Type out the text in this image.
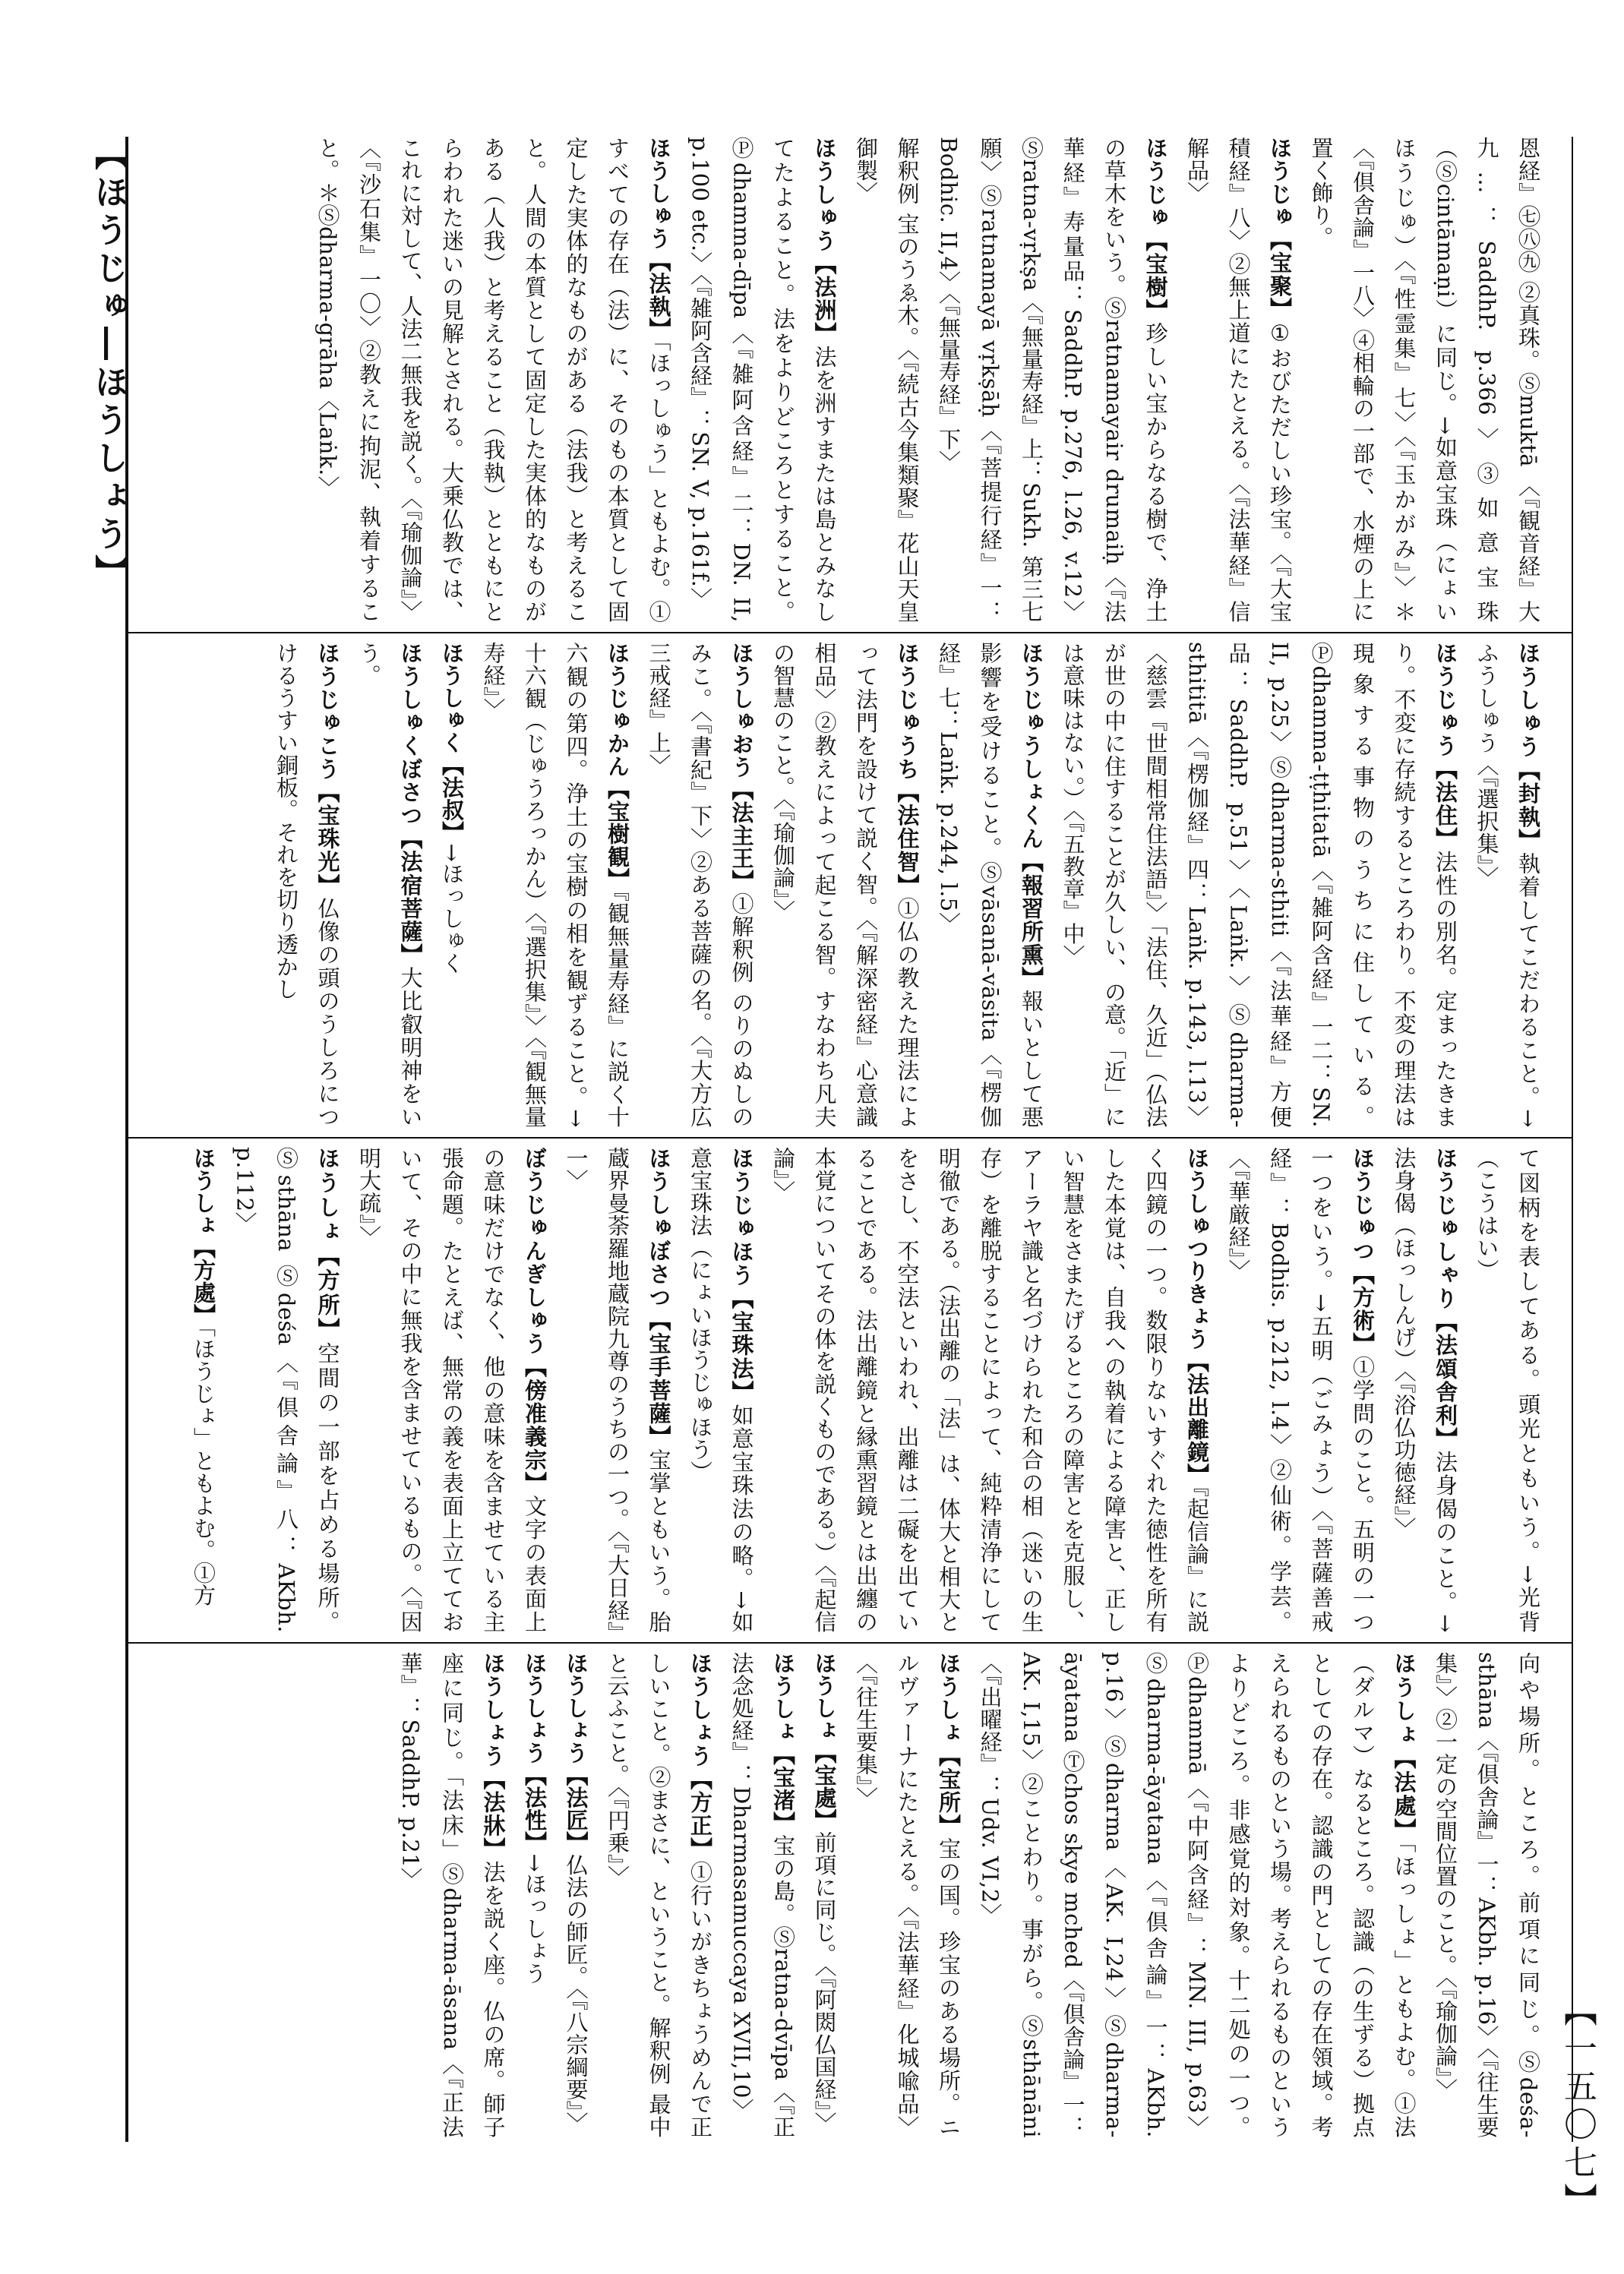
【ほうじゅ―ほうしょう】
【一五〇七】
恩経』㊆㊇㊈ ②真珠。Ⓢmuktā 〈『観音経』大九…：SaddhP. p.366〉③如意宝珠（Ⓢcintāmaṇi）に同じ。→如意宝珠（にょいほうじゅ）〈『性霊集』七〉〈『玉かがみ』〉＊〈『倶舎論』一八〉④相輪の一部で、水煙の上に置く飾り。ほうじゅ【宝聚】①おびただしい珍宝。〈『大宝積経』八〉②無上道にたとえる。〈『法華経』信解品〉ほうじゅ【宝樹】珍しい宝からなる樹で、浄土の草木をいう。Ⓢratnamayair drumaiḥ〈『法華経』寿量品：SaddhP. p.276, l.26, v.12〉Ⓢratna-vṛkṣa〈『無量寿経』上：Sukh. 第三七願〉Ⓢratnamayā vṛkṣāḥ〈『菩提行経』一：Bodhic. II,4〉〈『無量寿経』下〉解釈例 宝のうゑ木。〈『続古今集類聚』花山天皇御製〉ほうしゅう【法洲】法を洲すまたは島とみなしてたよること。法をよりどころとすること。Ⓟdhamma-dīpa〈『雑阿含経』二：DN. II, p.100 etc.〉〈『雑阿含経』：SN. V, p.161f.〉ほうしゅう【法執】「ほっしゅう」ともよむ。①すべての存在（法）に、そのもの本質として固定した実体的なものがある（法我）と考えること。人間の本質として固定した実体的なものがある（人我）と考えること（我執）とともにとらわれた迷いの見解とされる。大乗仏教では、これに対して、人法二無我を説く。〈『瑜伽論』〉〈『沙石集』一〇〉②教えに拘泥、執着すること。＊Ⓢdharma-grāha〈Laṅk.〉
ほうしゅう【封執】執着してこだわること。→ふうしゅう〈『選択集』〉ほうじゅう【法住】法性の別名。定まったきまり。不変に存続するところわり。不変の理法は現象する事物のうちに住している。Ⓟdhamma-ṭṭhitatā〈『雑阿含経』一二：SN. II, p.25〉Ⓢdharma-sthiti〈『法華経』方便品：SaddhP. p.51〉〈Laṅk.〉Ⓢdharma-sthititā〈『楞伽経』四：Laṅk. p.143, l.13〉〈慈雲『世間相常住法語』〉「法住、久近」（仏法が世の中に住することが久しい、の意。「近」には意味はない。）〈『五教章』中〉ほうじゅうしょくん【報習所熏】報いとして悪影響を受けること。Ⓢvāsanā-vāsita〈『楞伽経』七：Laṅk. p.244, l.5〉ほうじゅうち【法住智】①仏の教えた理法によって法門を設けて説く智。〈『解深密経』心意識相品〉②教えによって起こる智。すなわち凡夫の智慧のこと。〈『瑜伽論』〉ほうしゅおう【法主王】①解釈例 のりのぬしのみこ。〈『書紀』下〉②ある菩薩の名。〈『大方広三戒経』上〉ほうじゅかん【宝樹観】『観無量寿経』に説く十六観の第四。浄土の宝樹の相を観ずること。→十六観（じゅうろっかん）〈『選択集』〉〈『観無量寿経』〉ほうしゅく【法叔】→ほっしゅくほうしゅくぼさつ【法宿菩薩】大比叡明神をいう。ほうじゅこう【宝珠光】仏像の頭のうしろにつけるうすい銅板。それを切り透かし
て図柄を表してある。頭光ともいう。→光背（こうはい）ほうじゅしゃり【法頌舎利】法身偈のこと。→法身偈（ほっしんげ）〈『浴仏功徳経』〉ほうじゅつ【方術】①学問のこと。五明の一つ一つをいう。→五明（ごみょう）〈『菩薩善戒経』：Bodhis. p.212, l.4〉②仙術。学芸。〈『華厳経』〉ほうしゅつりきょう【法出離鏡】『起信論』に説く四鏡の一つ。数限りないすぐれた徳性を所有した本覚は、自我への執着による障害と、正しい智慧をさまたげるところの障害とを克服し、アーラヤ識と名づけられた和合の相（迷いの生存）を離脱することによって、純粋清浄にして明徹である。（法出離の「法」は、体大と相大とをさし、不空法といわれ、出離は二礙を出ていることである。法出離鏡と縁熏習鏡とは出纏の本覚についてその体を説くものである。）〈『起信論』〉ほうじゅほう【宝珠法】如意宝珠法の略。→如意宝珠法（にょいほうじゅほう）ほうしゅぼさつ【宝手菩薩】宝掌ともいう。胎蔵界曼荼羅地蔵院九尊のうちの一つ。〈『大日経』一〉ぼうじゅんぎしゅう【傍准義宗】文字の表面上の意味だけでなく、他の意味を含ませている主張命題。たとえば、無常の義を表面上立てておいて、その中に無我を含ませているもの。〈『因明大疏』〉ほうしょ【方所】空間の一部を占める場所。Ⓢsthāna Ⓢdeśa〈『倶舎論』八：AKbh. p.112〉ほうしょ【方處】「ほうじょ」ともよむ。①方
向や場所。ところ。前項に同じ。Ⓢdeśa-sthāna〈『倶舎論』一：AKbh. p.16〉〈『往生要集』〉②一定の空間位置のこと。〈『瑜伽論』〉ほうしょ【法處】「ほっしょ」ともよむ。①法（ダルマ）なるところ。認識（の生ずる）拠点としての存在。認識の門としての存在領域。考えられるものという場。考えられるものというよりどころ。非感覚的対象。十二処の一つ。Ⓟdhammā〈『中阿含経』：MN. III, p.63〉Ⓢdharma-āyatana〈『倶舎論』一：AKbh. p.16〉Ⓢdharma〈AK. I,24〉Ⓢdharma-āyatana Ⓣchos skye mched〈『倶舎論』一：AK. I,15〉②ことわり。事がら。Ⓢsthānāni〈『出曜経』：Udv. VI,2〉ほうしょ【宝所】宝の国。珍宝のある場所。ニルヴァーナにたとえる。〈『法華経』化城喩品〉〈『往生要集』〉ほうしょ【宝處】前項に同じ。〈『阿閦仏国経』〉ほうしょ【宝渚】宝の島。Ⓢratna-dvīpa〈『正法念処経』：Dharmasamuccaya XVII,10〉ほうしょう【方正】①行いがきちょうめんで正しいこと。②まさに、ということ。解釈例 最中と云ふこと。〈『円乗』〉ほうしょう【法匠】仏法の師匠。〈『八宗綱要』〉ほうしょう【法性】→ほっしょうほうしょう【法牀】法を説く座。仏の席。師子座に同じ。「法床」Ⓢdharma-āsana〈『正法華』：SaddhP. p.21〉
